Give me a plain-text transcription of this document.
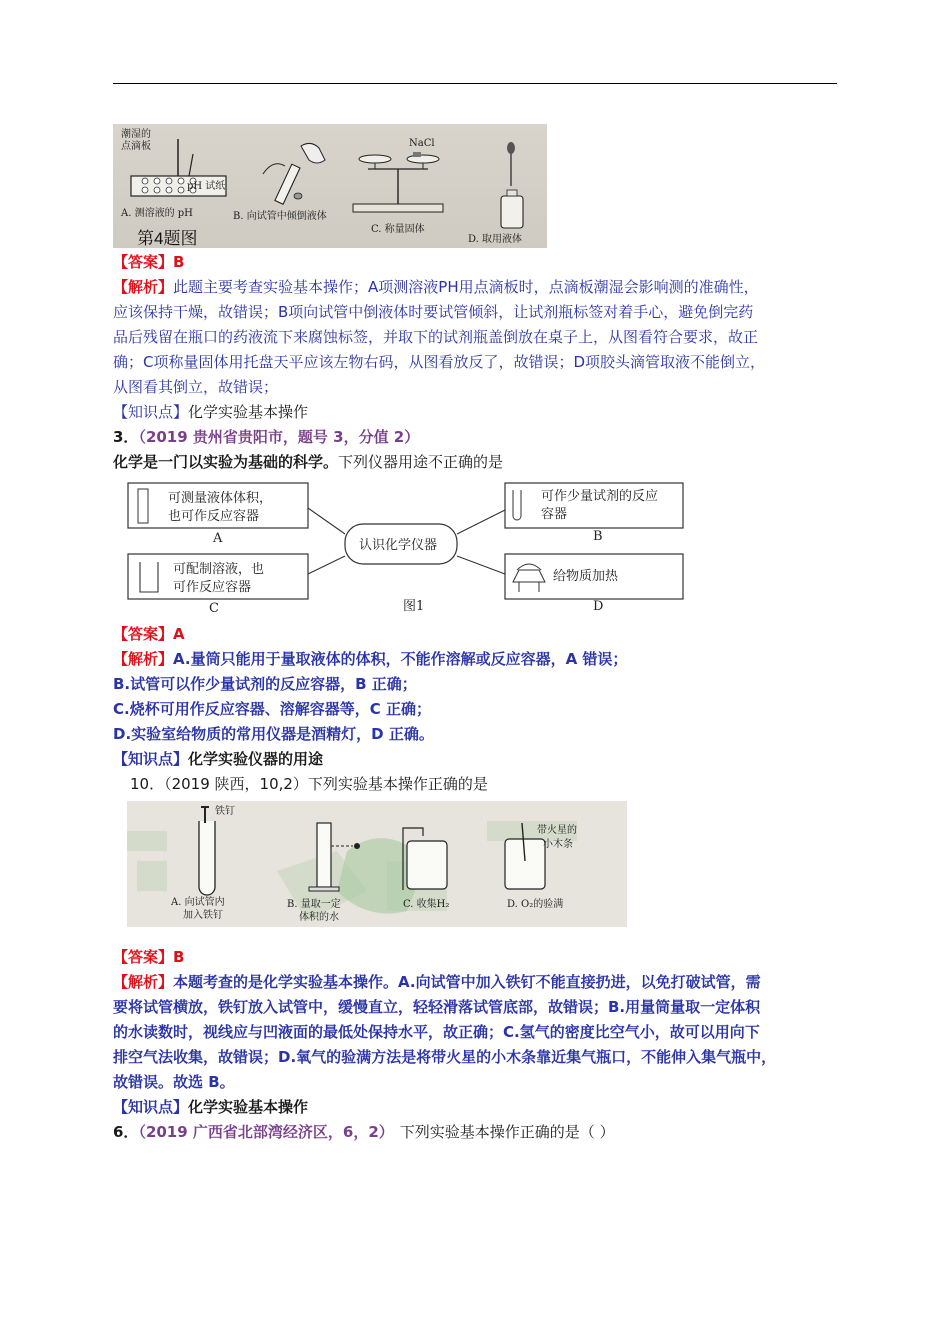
潮湿的
点滴板
pH 试纸
A. 测溶液的 pH	B. 向试管中倾倒液体
NaCl
C. 称量固体
D. 取用液体
第4题图
【答案】B
【解析】此题主要考查实验基本操作；A项测溶液PH用点滴板时，点滴板潮湿会影响测的准确性，
应该保持干燥，故错误；B项向试管中倒液体时要试管倾斜，让试剂瓶标签对着手心，避免倒完药
品后残留在瓶口的药液流下来腐蚀标签，并取下的试剂瓶盖倒放在桌子上，从图看符合要求，故正
确；C项称量固体用托盘天平应该左物右码，从图看放反了，故错误；D项胶头滴管取液不能倒立，
从图看其倒立，故错误；
【知识点】化学实验基本操作
3．（2019 贵州省贵阳市，题号 3，分值 2）
化学是一门以实验为基础的科学。下列仪器用途不正确的是
可测量液体体积，
也可作反应容器
A
可配制溶液，也
可作反应容器
C
认识化学仪器
图1
可作少量试剂的反应
容器
B
给物质加热
D
【答案】A
【解析】A.量筒只能用于量取液体的体积，不能作溶解或反应容器，A 错误；
B.试管可以作少量试剂的反应容器，B 正确；
C.烧杯可用作反应容器、溶解容器等，C 正确；
D.实验室给物质的常用仪器是酒精灯，D 正确。
【知识点】化学实验仪器的用途
10．（2019 陕西，10,2）下列实验基本操作正确的是
铁钉
A. 向试管内
加入铁钉
B. 量取一定
体积的水
C. 收集H₂
带火星的
小木条
D. O₂的验满
【答案】B
【解析】本题考查的是化学实验基本操作。A.向试管中加入铁钉不能直接扔进，以免打破试管，需
要将试管横放，铁钉放入试管中，缓慢直立，轻轻滑落试管底部，故错误；B.用量筒量取一定体积
的水读数时，视线应与凹液面的最低处保持水平，故正确；C.氢气的密度比空气小，故可以用向下
排空气法收集，故错误；D.氧气的验满方法是将带火星的小木条靠近集气瓶口，不能伸入集气瓶中，
故错误。故选 B。
【知识点】化学实验基本操作
6．（2019 广西省北部湾经济区，6，2） 下列实验基本操作正确的是（ ）
